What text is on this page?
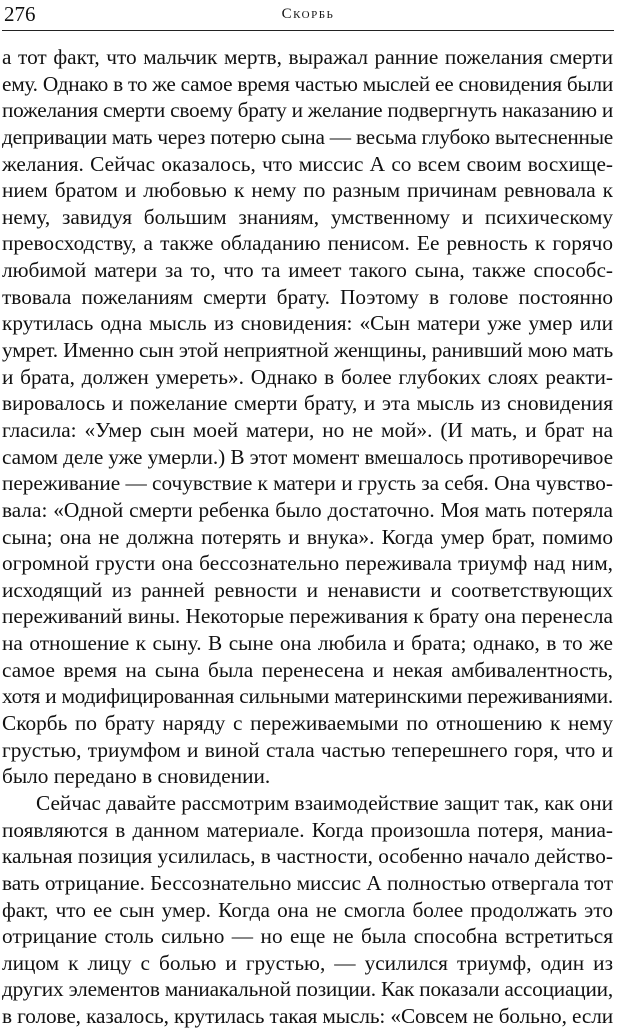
276	Скорбь
а тот факт, что мальчик мертв, выражал ранние пожелания смерти
ему. Однако в то же самое время частью мыслей ее сновидения были
пожелания смерти своему брату и желание подвергнуть наказанию и
депривации мать через потерю сына — весьма глубоко вытесненные
желания. Сейчас оказалось, что миссис А со всем своим восхище-
нием братом и любовью к нему по разным причинам ревновала к
нему, завидуя большим знаниям, умственному и психическому
превосходству, а также обладанию пенисом. Ее ревность к горячо
любимой матери за то, что та имеет такого сына, также способс-
твовала пожеланиям смерти брату. Поэтому в голове постоянно
крутилась одна мысль из сновидения: «Сын матери уже умер или
умрет. Именно сын этой неприятной женщины, ранивший мою мать
и брата, должен умереть». Однако в более глубоких слоях реакти-
вировалось и пожелание смерти брату, и эта мысль из сновидения
гласила: «Умер сын моей матери, но не мой». (И мать, и брат на
самом деле уже умерли.) В этот момент вмешалось противоречивое
переживание — сочувствие к матери и грусть за себя. Она чувство-
вала: «Одной смерти ребенка было достаточно. Моя мать потеряла
сына; она не должна потерять и внука». Когда умер брат, помимо
огромной грусти она бессознательно переживала триумф над ним,
исходящий из ранней ревности и ненависти и соответствующих
переживаний вины. Некоторые переживания к брату она перенесла
на отношение к сыну. В сыне она любила и брата; однако, в то же
самое время на сына была перенесена и некая амбивалентность,
хотя и модифицированная сильными материнскими переживаниями.
Скорбь по брату наряду с переживаемыми по отношению к нему
грустью, триумфом и виной стала частью теперешнего горя, что и
было передано в сновидении.
Сейчас давайте рассмотрим взаимодействие защит так, как они
появляются в данном материале. Когда произошла потеря, маниа-
кальная позиция усилилась, в частности, особенно начало действо-
вать отрицание. Бессознательно миссис А полностью отвергала тот
факт, что ее сын умер. Когда она не смогла более продолжать это
отрицание столь сильно — но еще не была способна встретиться
лицом к лицу с болью и грустью, — усилился триумф, один из
других элементов маниакальной позиции. Как показали ассоциации,
в голове, казалось, крутилась такая мысль: «Совсем не больно, если
